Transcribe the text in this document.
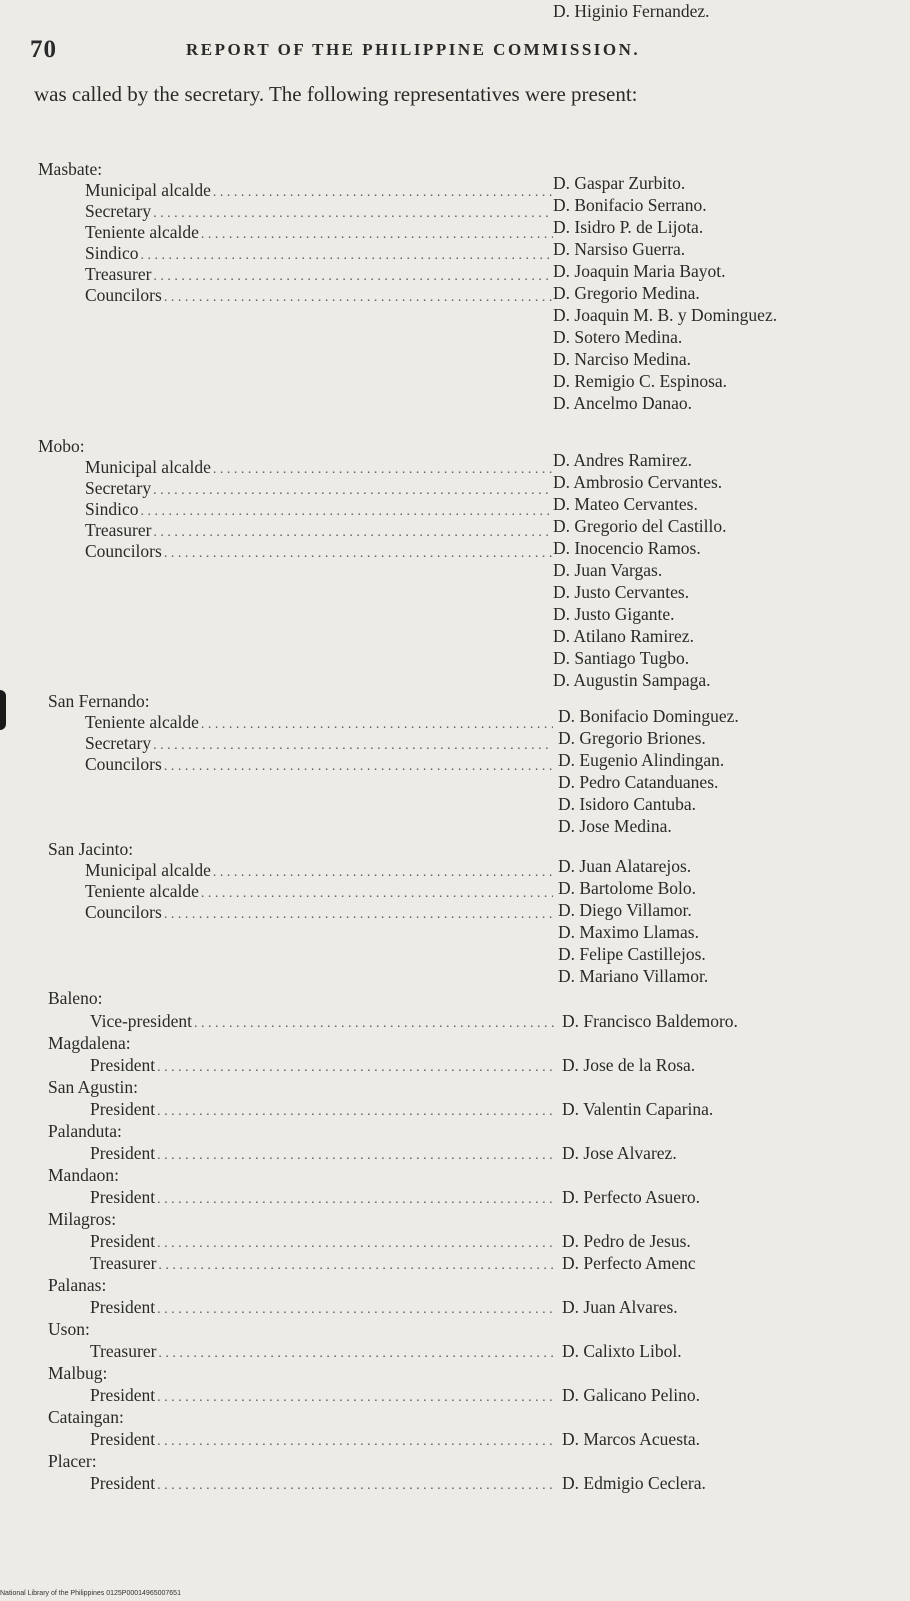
70	REPORT OF THE PHILIPPINE COMMISSION.
was called by the secretary. The following representatives were present:
Masbate:
Municipal alcalde . . .	D. Gaspar Zurbito.
Secretary . . .	D. Bonifacio Serrano.
Teniente alcalde . . .	D. Isidro P. de Lijota.
Sindico . . .	D. Narsiso Guerra.
Treasurer . . .	D. Joaquin Maria Bayot.
Councilors . . .	D. Gregorio Medina.
D. Joaquin M. B. y Dominguez.
D. Sotero Medina.
D. Narciso Medina.
D. Remigio C. Espinosa.
D. Ancelmo Danao.
D. Higinio Fernandez.
Mobo:
Municipal alcalde . . .	D. Andres Ramirez.
Secretary . . .	D. Ambrosio Cervantes.
Sindico . . .	D. Mateo Cervantes.
Treasurer . . .	D. Gregorio del Castillo.
Councilors . . .	D. Inocencio Ramos.
D. Juan Vargas.
D. Justo Cervantes.
D. Justo Gigante.
D. Atilano Ramirez.
D. Santiago Tugbo.
D. Augustin Sampaga.
San Fernando:
Teniente alcalde . . .	D. Bonifacio Dominguez.
Secretary . . .	D. Gregorio Briones.
Councilors . . .	D. Eugenio Alindingan.
D. Pedro Catanduanes.
D. Isidoro Cantuba.
D. Jose Medina.
San Jacinto:
Municipal alcalde . . .	D. Juan Alatarejos.
Teniente alcalde . . .	D. Bartolome Bolo.
Councilors . . .	D. Diego Villamor.
D. Maximo Llamas.
D. Felipe Castillejos.
D. Mariano Villamor.
Baleno:
Vice-president . . .	D. Francisco Baldemoro.
Magdalena:
President . . .	D. Jose de la Rosa.
San Agustin:
President . . .	D. Valentin Caparina.
Palanduta:
President . . .	D. Jose Alvarez.
Mandaon:
President . . .	D. Perfecto Asuero.
Milagros:
President . . .	D. Pedro de Jesus.
Treasurer . . .	D. Perfecto Amenc
Palanas:
President . . .	D. Juan Alvares.
Uson:
Treasurer . . .	D. Calixto Libol.
Malbug:
President . . .	D. Galicano Pelino.
Cataingan:
President . . .	D. Marcos Acuesta.
Placer:
President . . .	D. Edmigio Ceclera.
National Library of the Philippines 0125P00014965007651
